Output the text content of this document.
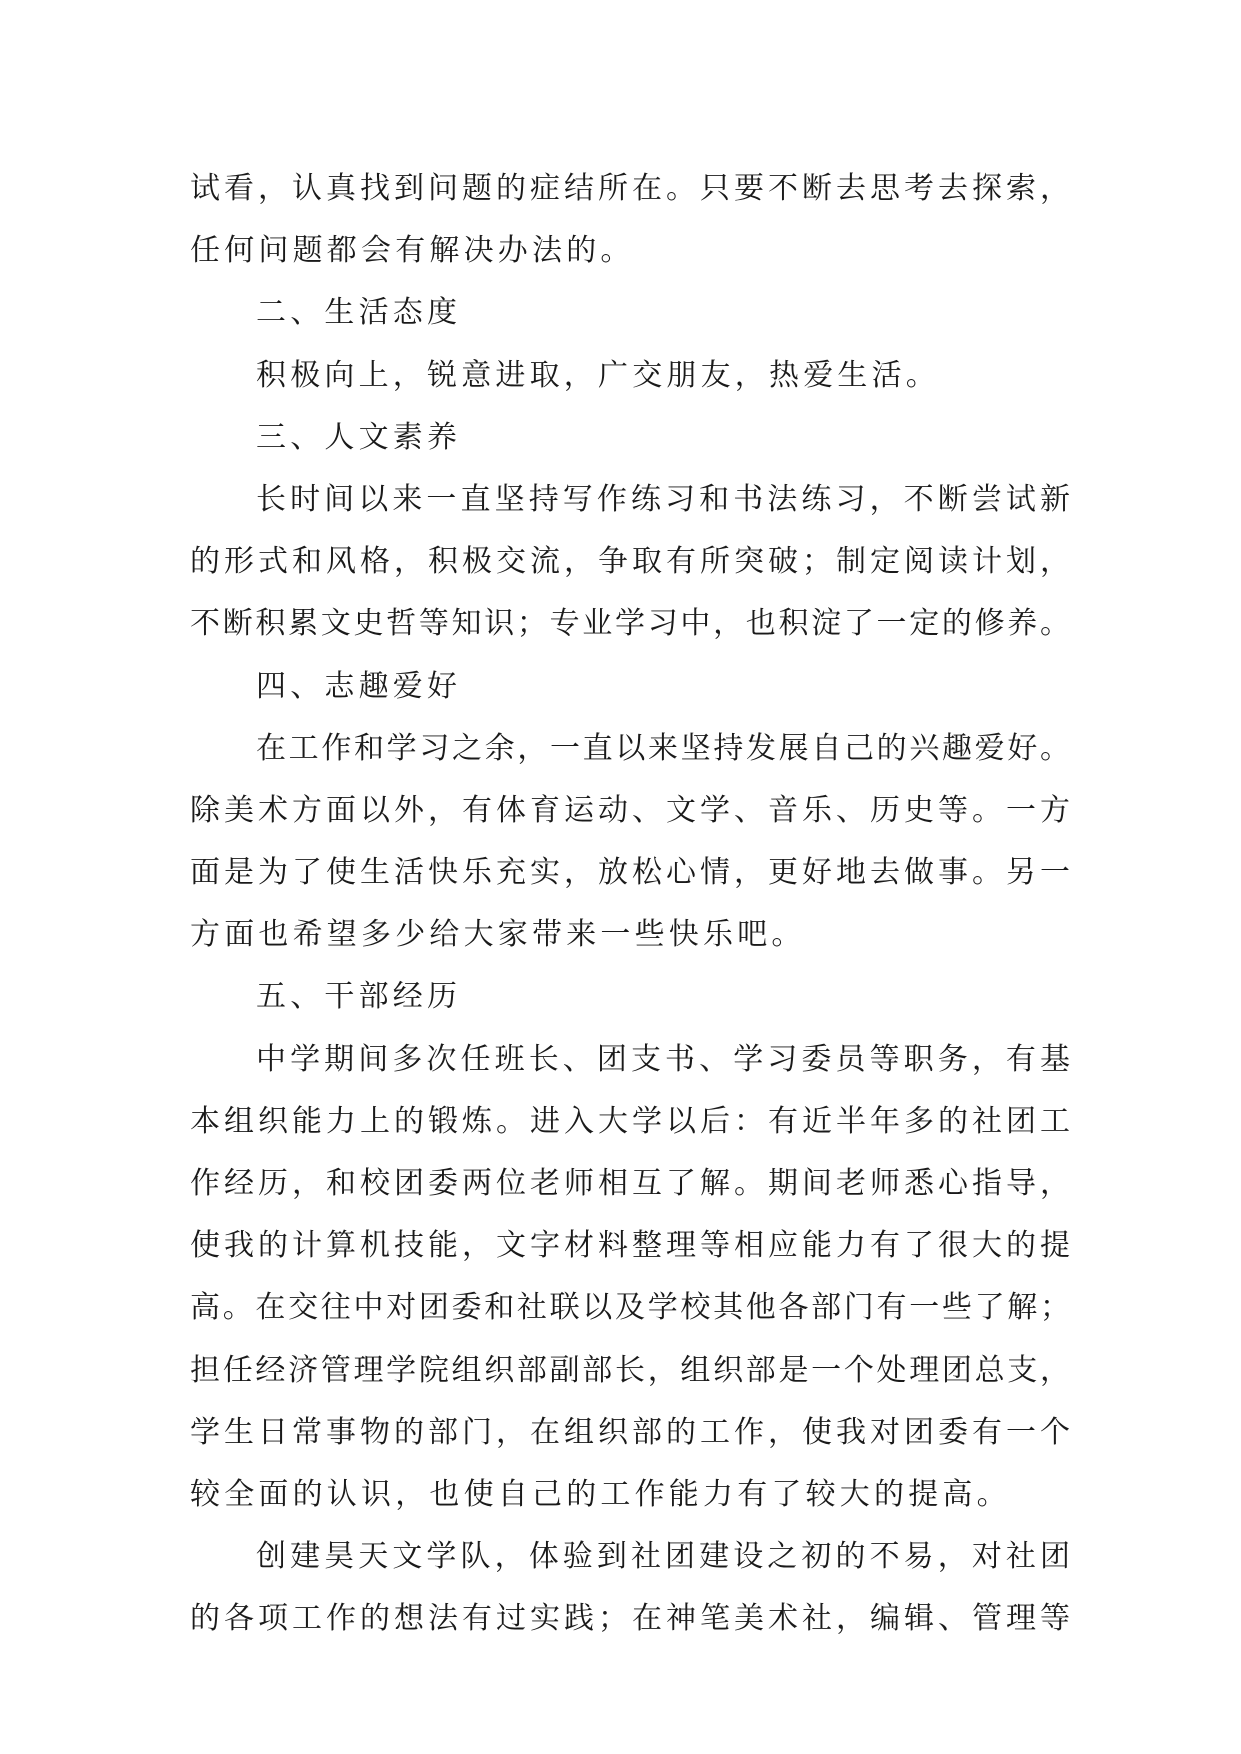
试看，认真找到问题的症结所在。只要不断去思考去探索，
任何问题都会有解决办法的。
二、生活态度
积极向上，锐意进取，广交朋友，热爱生活。
三、人文素养
长时间以来一直坚持写作练习和书法练习，不断尝试新
的形式和风格，积极交流，争取有所突破；制定阅读计划，
不断积累文史哲等知识；专业学习中，也积淀了一定的修养。
四、志趣爱好
在工作和学习之余，一直以来坚持发展自己的兴趣爱好。
除美术方面以外，有体育运动、文学、音乐、历史等。一方
面是为了使生活快乐充实，放松心情，更好地去做事。另一
方面也希望多少给大家带来一些快乐吧。
五、干部经历
中学期间多次任班长、团支书、学习委员等职务，有基
本组织能力上的锻炼。进入大学以后：有近半年多的社团工
作经历，和校团委两位老师相互了解。期间老师悉心指导，
使我的计算机技能，文字材料整理等相应能力有了很大的提
高。在交往中对团委和社联以及学校其他各部门有一些了解；
担任经济管理学院组织部副部长，组织部是一个处理团总支，
学生日常事物的部门，在组织部的工作，使我对团委有一个
较全面的认识，也使自己的工作能力有了较大的提高。
创建昊天文学队，体验到社团建设之初的不易，对社团
的各项工作的想法有过实践；在神笔美术社，编辑、管理等
